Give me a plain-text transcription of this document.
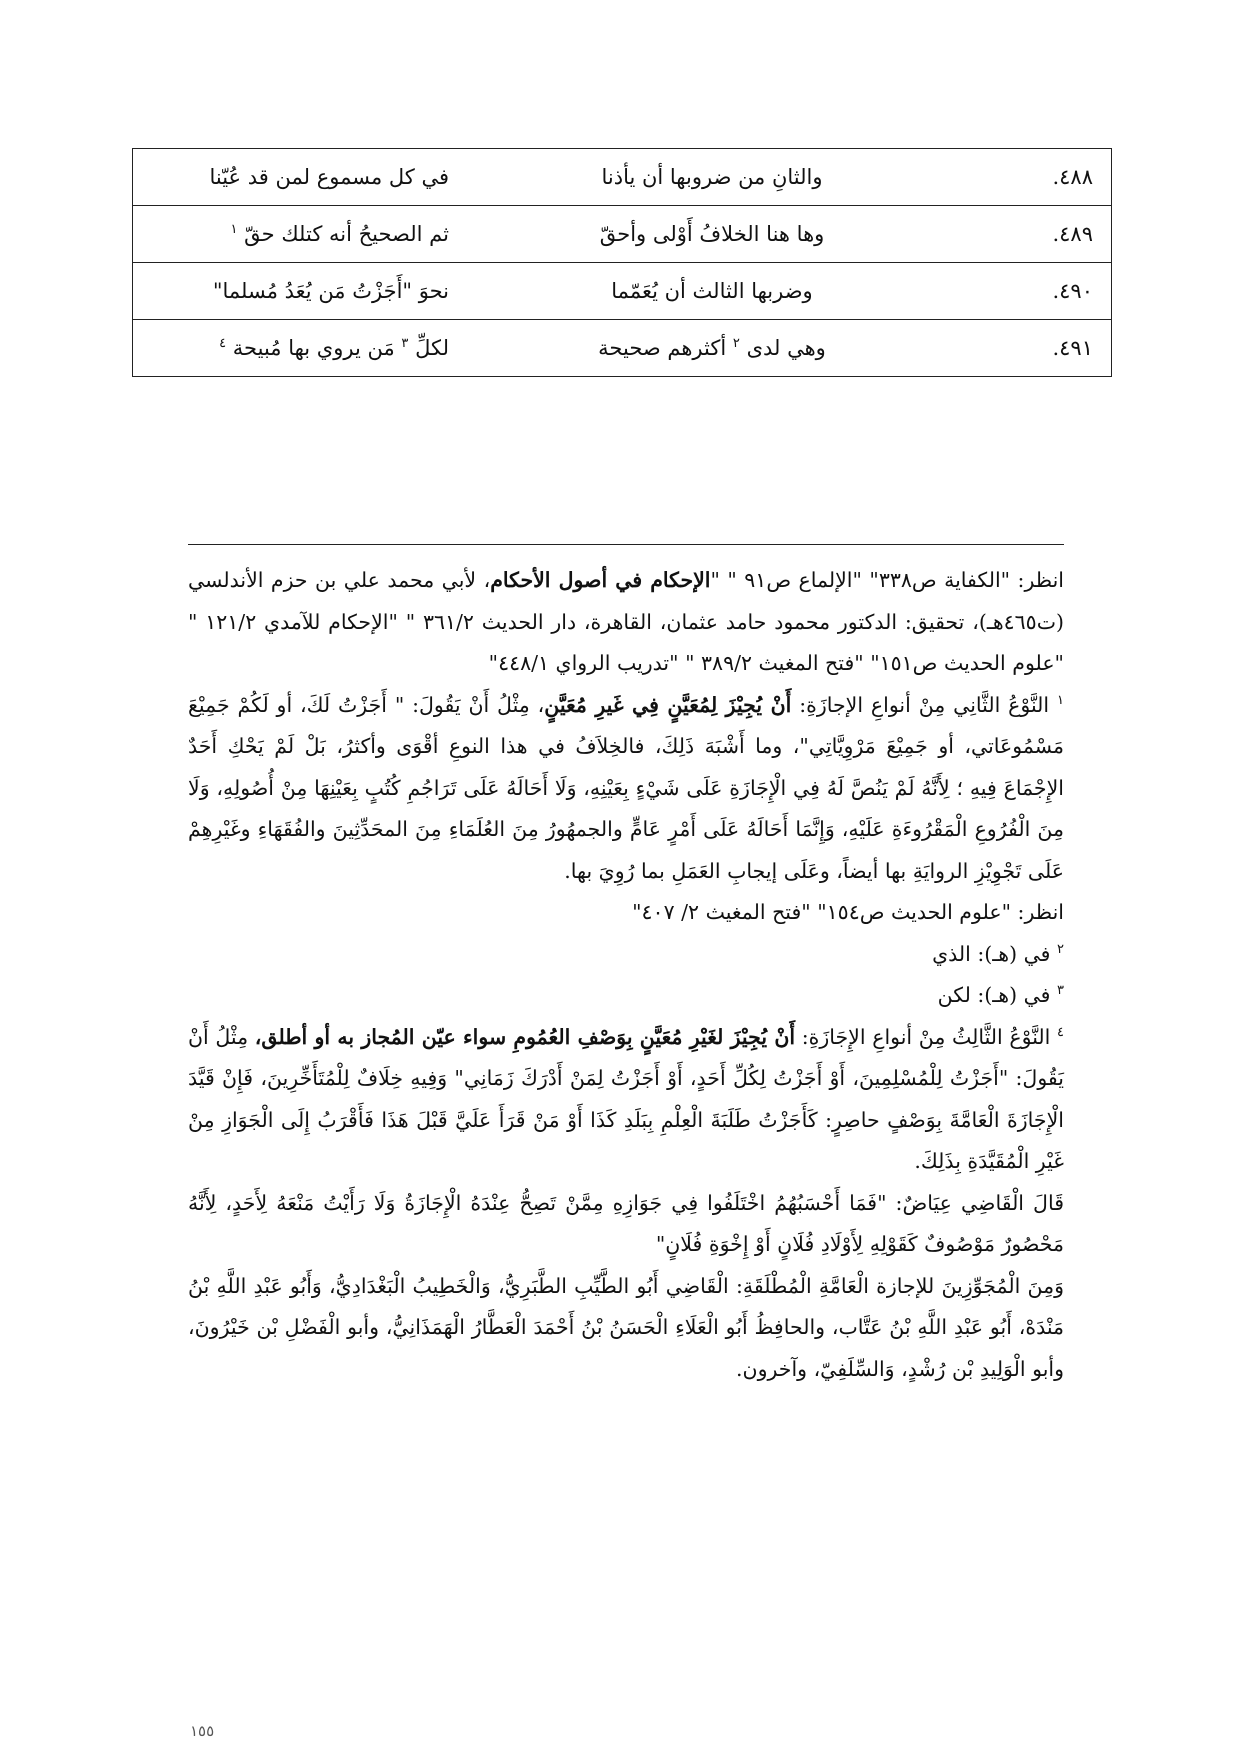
٤٨٨.	والثانِ من ضروبها أن يأذنا	في كل مسموع لمن قد عُيّنا
٤٨٩.	وها هنا الخلافُ أَوْلى وأحقّ	ثم الصحيحُ أنه كتلك حقّ $^١$
٤٩٠.	وضربها الثالث أن يُعَمّما	نحوَ "أَجَزْتُ مَن يُعَدُ مُسلما"
٤٩١.	وهي لدى $^٢$ أكثرهم صحيحة	لكلِّ $^٣$ مَن يروي بها مُبيحة $^٤$

انظر: "الكفاية ص٣٣٨" "الإلماع ص٩١ " "الإحكام في أصول الأحكام، لأبي محمد علي بن حزم الأندلسي (ت٤٦٥هـ)، تحقيق: الدكتور محمود حامد عثمان، القاهرة، دار الحديث ٣٦١/٢ " "الإحكام للآمدي ١٢١/٢ " "علوم الحديث ص١٥١" "فتح المغيث ٣٨٩/٢ " "تدريب الرواي ٤٤٨/١"

$^١$ النَّوْعُ الثَّانِي مِنْ أنواعِ الإجازَةِ: أَنْ يُجِيْزَ لِمُعَيَّنٍ فِي غَيرِ مُعَيَّنٍ، مِثْلُ أَنْ يَقُولَ: " أَجَزْتُ لَكَ، أو لَكُمْ جَمِيْعَ مَسْمُوعَاتي، أو جَمِيْعَ مَرْوِيَّاتِي"، وما أَشْبَهَ ذَلِكَ، فالخِلاَفُ في هذا النوعِ أقْوَى وأكثرُ، بَلْ لَمْ يَحْكِ أَحَدٌ الإِجْمَاعَ فِيهِ ؛ لِأَنَّهُ لَمْ يَنُصَّ لَهُ فِي الْإِجَازَةِ عَلَى شَيْءٍ بِعَيْنِهِ، وَلَا أَحَالَهُ عَلَى تَرَاجُمِ كُتُبٍ بِعَيْنِهَا مِنْ أُصُولِهِ، وَلَا مِنَ الْفُرُوعِ الْمَقْرُوءَةِ عَلَيْهِ، وَإِنَّمَا أَحَالَهُ عَلَى أَمْرٍ عَامٍّ والجمهُورُ مِنَ العُلَمَاءِ مِنَ المحَدِّثِينَ والفُقَهَاءِ وغَيْرِهِمْ عَلَى تَجْوِيْزِ الروايَةِ بها أيضاً، وعَلَى إيجابِ العَمَلِ بما رُوِيَ بها.

انظر: "علوم الحديث ص١٥٤" "فتح المغيث ٢/ ٤٠٧"

$^٢$ في (هـ): الذي

$^٣$ في (هـ): لكن

$^٤$ النَّوْعُ الثَّالِثُ مِنْ أنواعِ الإِجَازَةِ: أَنْ يُجِيْزَ لغَيْرِ مُعَيَّنٍ بِوَصْفِ العُمُومِ سواء عيّن المُجاز به أو أطلق، مِثْلُ أَنْ يَقُولَ: "أَجَزْتُ لِلْمُسْلِمِينَ، أَوْ أَجَزْتُ لِكُلِّ أَحَدٍ، أَوْ أَجَزْتُ لِمَنْ أَدْرَكَ زَمَانِي" وَفِيهِ خِلَافٌ لِلْمُتَأَخِّرِينَ، فَإِنْ قَيَّدَ الْإِجَازَةَ الْعَامَّةَ بِوَصْفٍ حاصِرٍ: كَأَجَزْتُ طَلَبَةَ الْعِلْمِ بِبَلَدِ كَذَا أَوْ مَنْ قَرَأَ عَلَيَّ قَبْلَ هَذَا فَأَقْرَبُ إِلَى الْجَوَازِ مِنْ غَيْرِ الْمُقَيَّدَةِ بِذَلِكَ.

قَالَ الْقَاضِي عِيَاضٌ: "فَمَا أَحْسَبُهُمُ اخْتَلَفُوا فِي جَوَازِهِ مِمَّنْ تَصِحُّ عِنْدَهُ الْإِجَازَةُ وَلَا رَأَيْتُ مَنْعَهُ لِأَحَدٍ، لِأَنَّهُ مَحْصُورٌ مَوْصُوفٌ كَقَوْلِهِ لِأَوْلَادِ فُلَانٍ أَوْ إِخْوَةِ فُلَانٍ"

وَمِنَ الْمُجَوِّزِينَ للإجازة الْعَامَّةِ الْمُطْلَقَةِ: الْقَاضِي أَبُو الطَّيِّبِ الطَّبَرِيُّ، وَالْخَطِيبُ الْبَغْدَادِيُّ، وَأَبُو عَبْدِ اللَّهِ بْنُ مَنْدَهْ، أَبُو عَبْدِ اللَّهِ بْنُ عَتَّاب، والحافِظُ أَبُو الْعَلَاءِ الْحَسَنُ بْنُ أَحْمَدَ الْعَطَّارُ الْهَمَذَانِيُّ، وأبو الْفَضْلِ بْن خَيْرُونَ، وأبو الْوَلِيدِ بْن رُشْدٍ، وَالسِّلَفِيّ، وآخرون.

١٥٥
